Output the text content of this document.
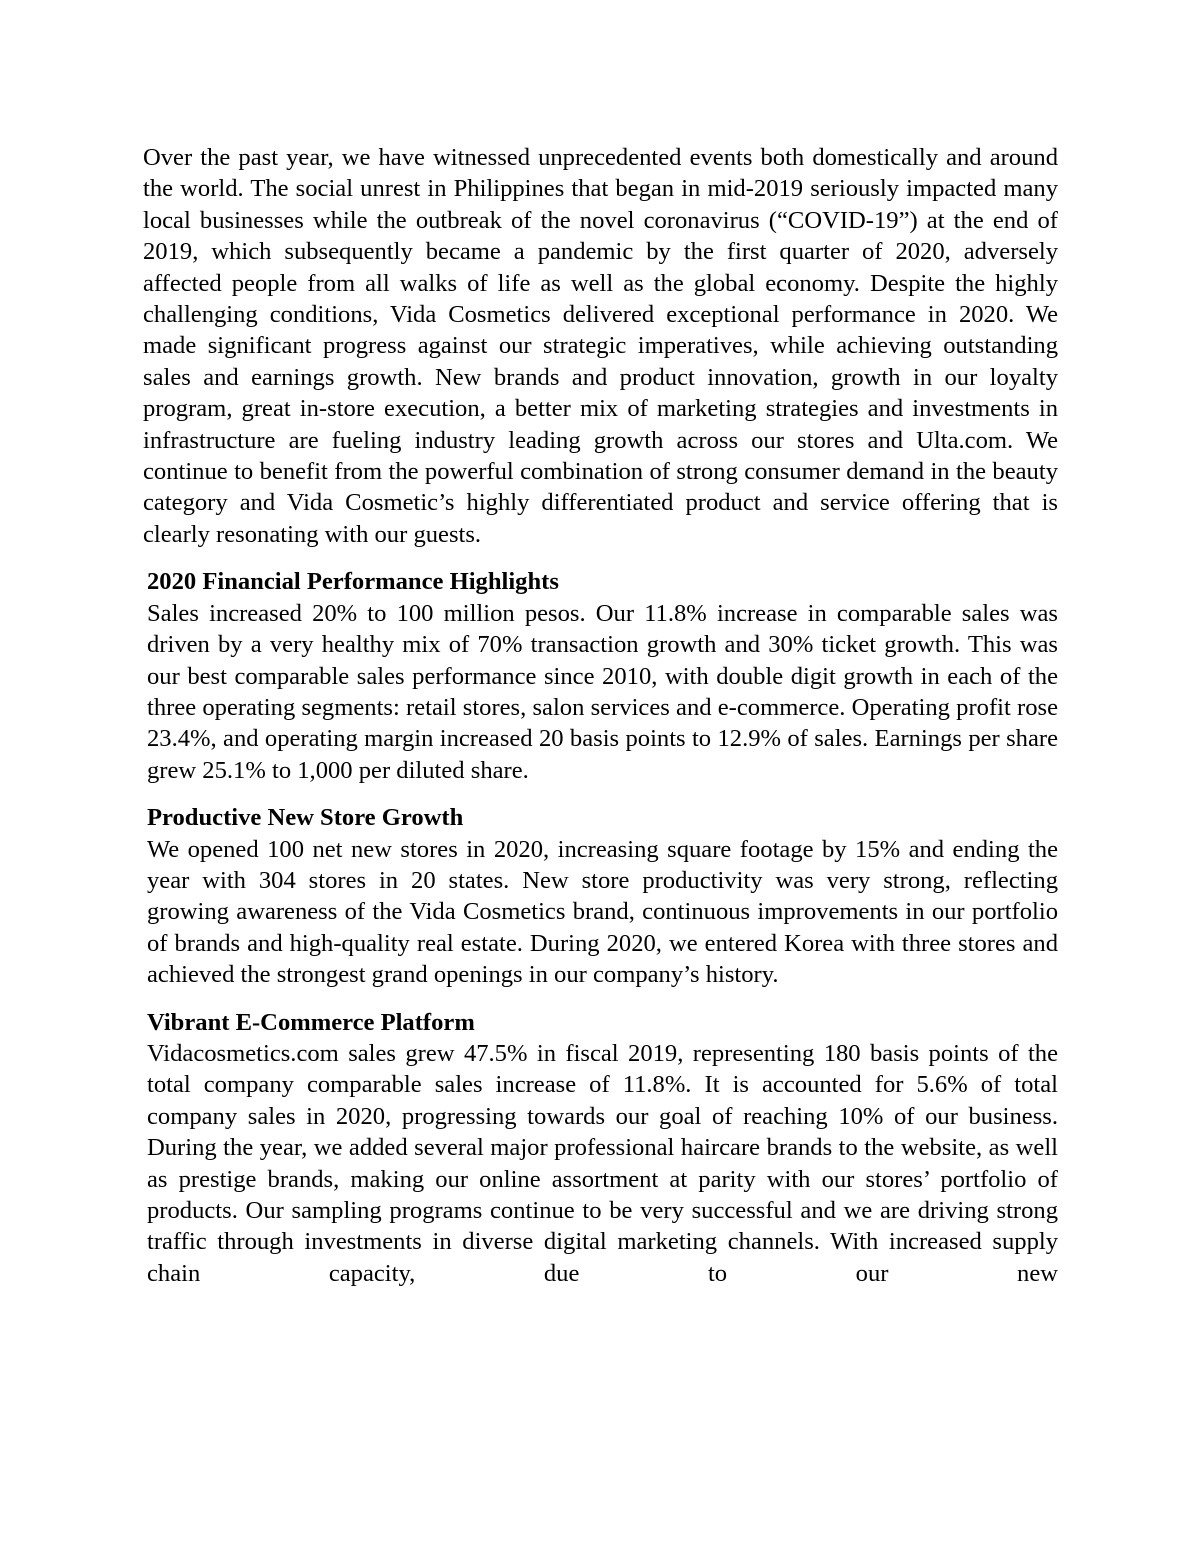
Over the past year, we have witnessed unprecedented events both domestically and around the world. The social unrest in Philippines that began in mid-2019 seriously impacted many local businesses while the outbreak of the novel coronavirus (“COVID-19”) at the end of 2019, which subsequently became a pandemic by the first quarter of 2020, adversely affected people from all walks of life as well as the global economy. Despite the highly challenging conditions, Vida Cosmetics delivered exceptional performance in 2020. We made significant progress against our strategic imperatives, while achieving outstanding sales and earnings growth. New brands and product innovation, growth in our loyalty program, great in-store execution, a better mix of marketing strategies and investments in infrastructure are fueling industry leading growth across our stores and Ulta.com. We continue to benefit from the powerful combination of strong consumer demand in the beauty category and Vida Cosmetic’s highly differentiated product and service offering that is clearly resonating with our guests.

2020 Financial Performance Highlights

Sales increased 20% to 100 million pesos. Our 11.8% increase in comparable sales was driven by a very healthy mix of 70% transaction growth and 30% ticket growth. This was our best comparable sales performance since 2010, with double digit growth in each of the three operating segments: retail stores, salon services and e-commerce. Operating profit rose 23.4%, and operating margin increased 20 basis points to 12.9% of sales. Earnings per share grew 25.1% to 1,000 per diluted share.

Productive New Store Growth

We opened 100 net new stores in 2020, increasing square footage by 15% and ending the year with 304 stores in 20 states. New store productivity was very strong, reflecting growing awareness of the Vida Cosmetics brand, continuous improvements in our portfolio of brands and high-quality real estate. During 2020, we entered Korea with three stores and achieved the strongest grand openings in our company’s history.

Vibrant E-Commerce Platform

Vidacosmetics.com sales grew 47.5% in fiscal 2019, representing 180 basis points of the total company comparable sales increase of 11.8%. It is accounted for 5.6% of total company sales in 2020, progressing towards our goal of reaching 10% of our business. During the year, we added several major professional haircare brands to the website, as well as prestige brands, making our online assortment at parity with our stores’ portfolio of products. Our sampling programs continue to be very successful and we are driving strong traffic through investments in diverse digital marketing channels. With increased supply chain capacity, due to our new
